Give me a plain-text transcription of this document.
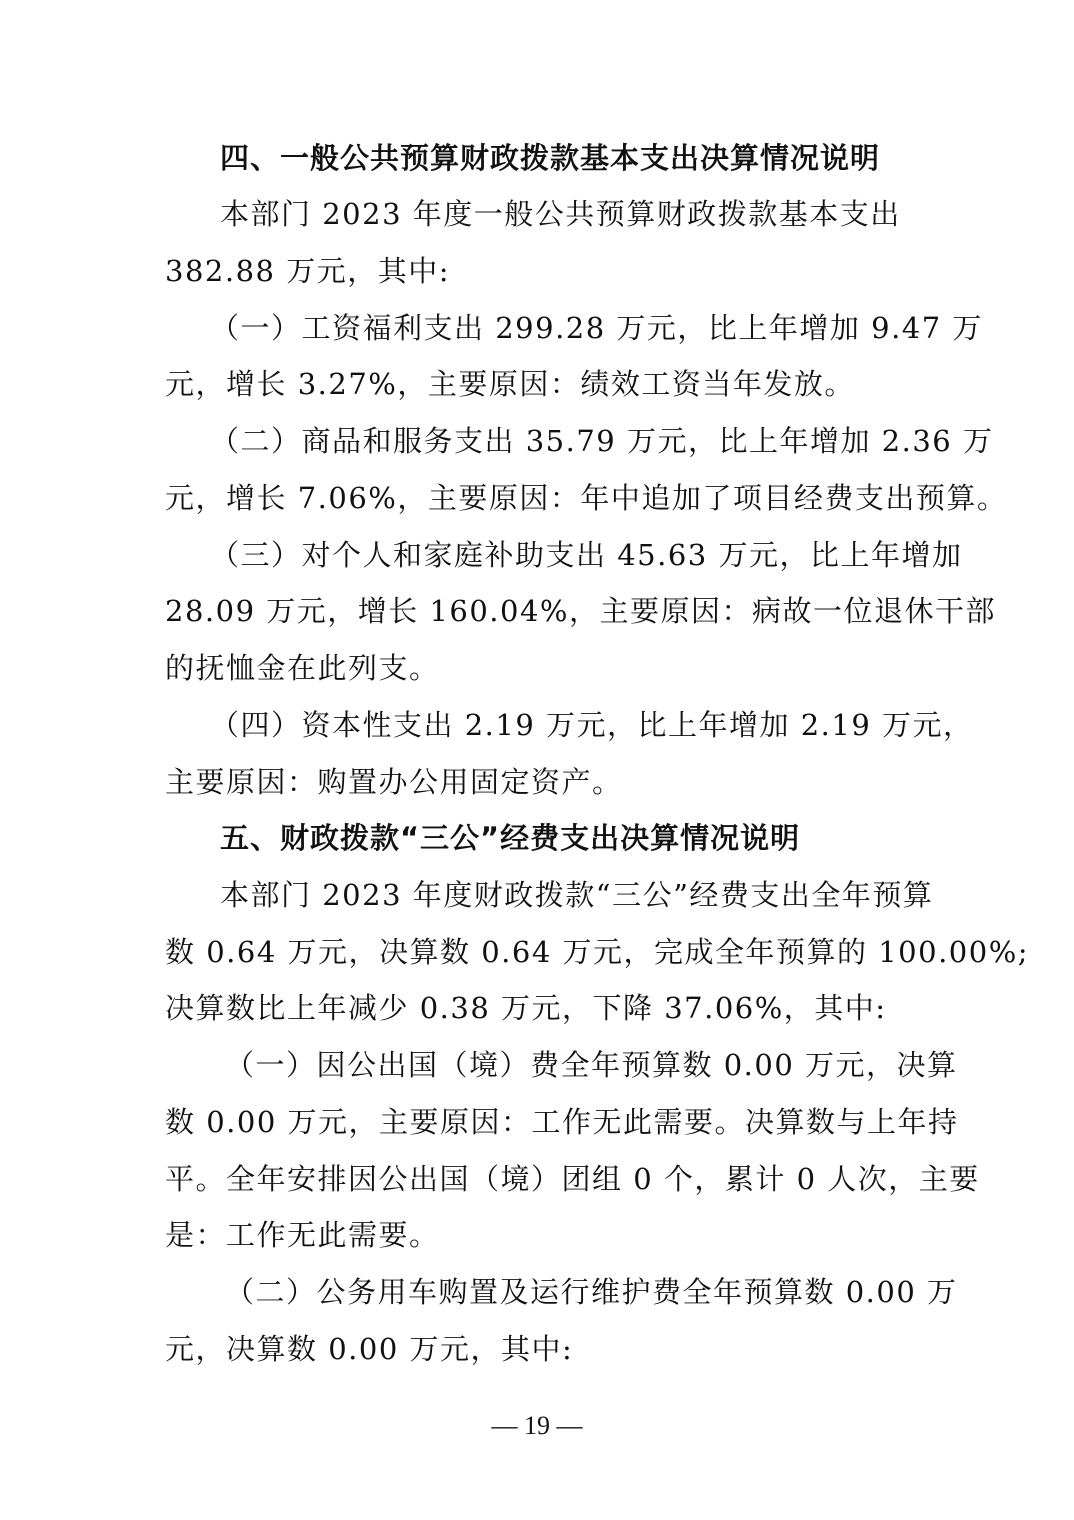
四、一般公共预算财政拨款基本支出决算情况说明
本部门 2023 年度一般公共预算财政拨款基本支出
382.88 万元，其中:
（一）工资福利支出 299.28 万元，比上年增加 9.47 万
元，增长 3.27%，主要原因：绩效工资当年发放。
（二）商品和服务支出 35.79 万元，比上年增加 2.36 万
元，增长 7.06%，主要原因：年中追加了项目经费支出预算。
（三）对个人和家庭补助支出 45.63 万元，比上年增加
28.09 万元，增长 160.04%，主要原因：病故一位退休干部
的抚恤金在此列支。
（四）资本性支出 2.19 万元，比上年增加 2.19 万元，
主要原因：购置办公用固定资产。
五、财政拨款“三公”经费支出决算情况说明
本部门 2023 年度财政拨款“三公”经费支出全年预算
数 0.64 万元，决算数 0.64 万元，完成全年预算的 100.00%;
决算数比上年减少 0.38 万元，下降 37.06%，其中:
（一）因公出国（境）费全年预算数 0.00 万元，决算
数 0.00 万元，主要原因：工作无此需要。决算数与上年持
平。全年安排因公出国（境）团组 0 个，累计 0 人次，主要
是：工作无此需要。
（二）公务用车购置及运行维护费全年预算数 0.00 万
元，决算数 0.00 万元，其中:
— 19 —
